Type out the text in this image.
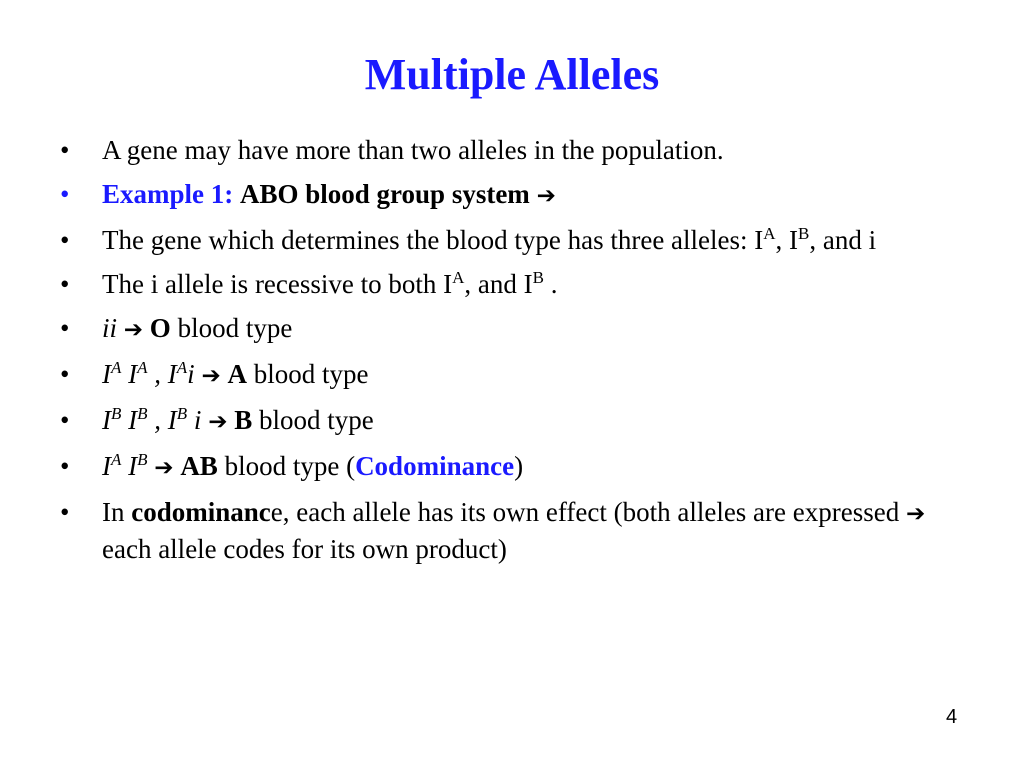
Multiple Alleles
• A gene may have more than two alleles in the population.
• Example 1: ABO blood group system ➔
• The gene which determines the blood type has three alleles: $I^A$, $I^B$, and i
• The i allele is recessive to both $I^A$, and $I^B$ .
• ii ➔ O blood type
• $I^A$ $I^A$ , $I^Ai$ ➔ A blood type
• $I^B$ $I^B$ , $I^B$ i ➔ B blood type
• $I^A$ $I^B$ ➔ AB blood type (Codominance)
• In codominance, each allele has its own effect (both alleles are expressed ➔ each allele codes for its own product)
4
